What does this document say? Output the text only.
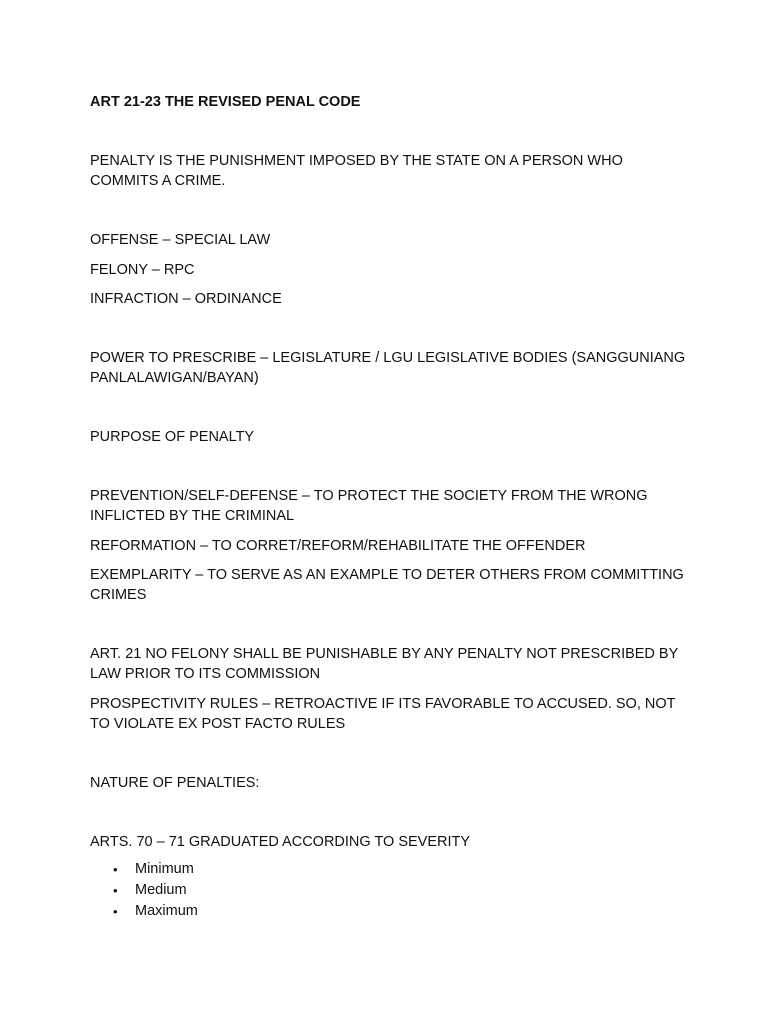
ART 21-23 THE REVISED PENAL CODE

PENALTY IS THE PUNISHMENT IMPOSED BY THE STATE ON A PERSON WHO COMMITS A CRIME.

OFFENSE – SPECIAL LAW

FELONY – RPC

INFRACTION – ORDINANCE

POWER TO PRESCRIBE – LEGISLATURE / LGU LEGISLATIVE BODIES (SANGGUNIANG PANLALAWIGAN/BAYAN)

PURPOSE OF PENALTY

PREVENTION/SELF-DEFENSE – TO PROTECT THE SOCIETY FROM THE WRONG INFLICTED BY THE CRIMINAL

REFORMATION – TO CORRET/REFORM/REHABILITATE THE OFFENDER

EXEMPLARITY – TO SERVE AS AN EXAMPLE TO DETER OTHERS FROM COMMITTING CRIMES

ART. 21 NO FELONY SHALL BE PUNISHABLE BY ANY PENALTY NOT PRESCRIBED BY LAW PRIOR TO ITS COMMISSION

PROSPECTIVITY RULES – RETROACTIVE IF ITS FAVORABLE TO ACCUSED. SO, NOT TO VIOLATE EX POST FACTO RULES

NATURE OF PENALTIES:

ARTS. 70 – 71 GRADUATED ACCORDING TO SEVERITY

• Minimum
• Medium
• Maximum
